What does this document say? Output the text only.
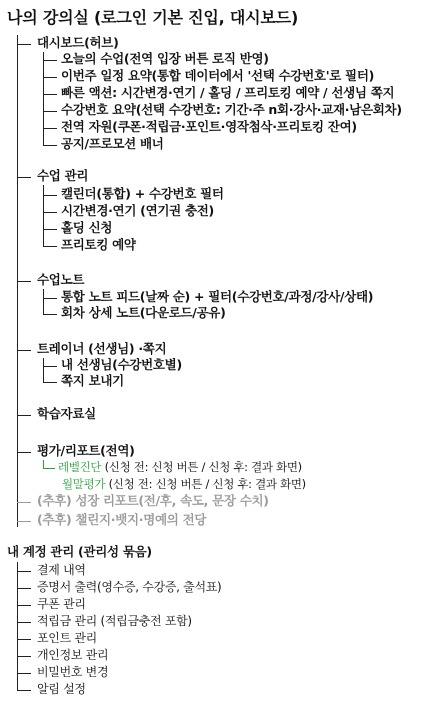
나의 강의실 (로그인 기본 진입, 대시보드)
대시보드(허브)
오늘의 수업(전역 입장 버튼 로직 반영)
이번주 일정 요약(통합 데이터에서 '선택 수강번호'로 필터)
빠른 액션: 시간변경·연기 / 홀딩 / 프리토킹 예약 / 선생님 쪽지
수강번호 요약(선택 수강번호: 기간·주 n회·강사·교재·남은회차)
전역 자원(쿠폰·적립금·포인트·영작첨삭·프리토킹 잔여)
공지/프로모션 배너
수업 관리
캘린더(통합) + 수강번호 필터
시간변경·연기 (연기권 충전)
홀딩 신청
프리토킹 예약
수업노트
통합 노트 피드(날짜 순) + 필터(수강번호/과정/강사/상태)
회차 상세 노트(다운로드/공유)
트레이너 (선생님) ·쪽지
내 선생님(수강번호별)
쪽지 보내기
학습자료실
평가/리포트(전역)
레벨진단 (신청 전: 신청 버튼 / 신청 후: 결과 화면)
월말평가 (신청 전: 신청 버튼 / 신청 후: 결과 화면)
(추후) 성장 리포트(전/후, 속도, 문장 수치)
(추후) 챌린지·뱃지·명예의 전당
내 계정 관리 (관리성 묶음)
결제 내역
증명서 출력(영수증, 수강증, 출석표)
쿠폰 관리
적립금 관리 (적립금충전 포함)
포인트 관리
개인정보 관리
비밀번호 변경
알림 설정
